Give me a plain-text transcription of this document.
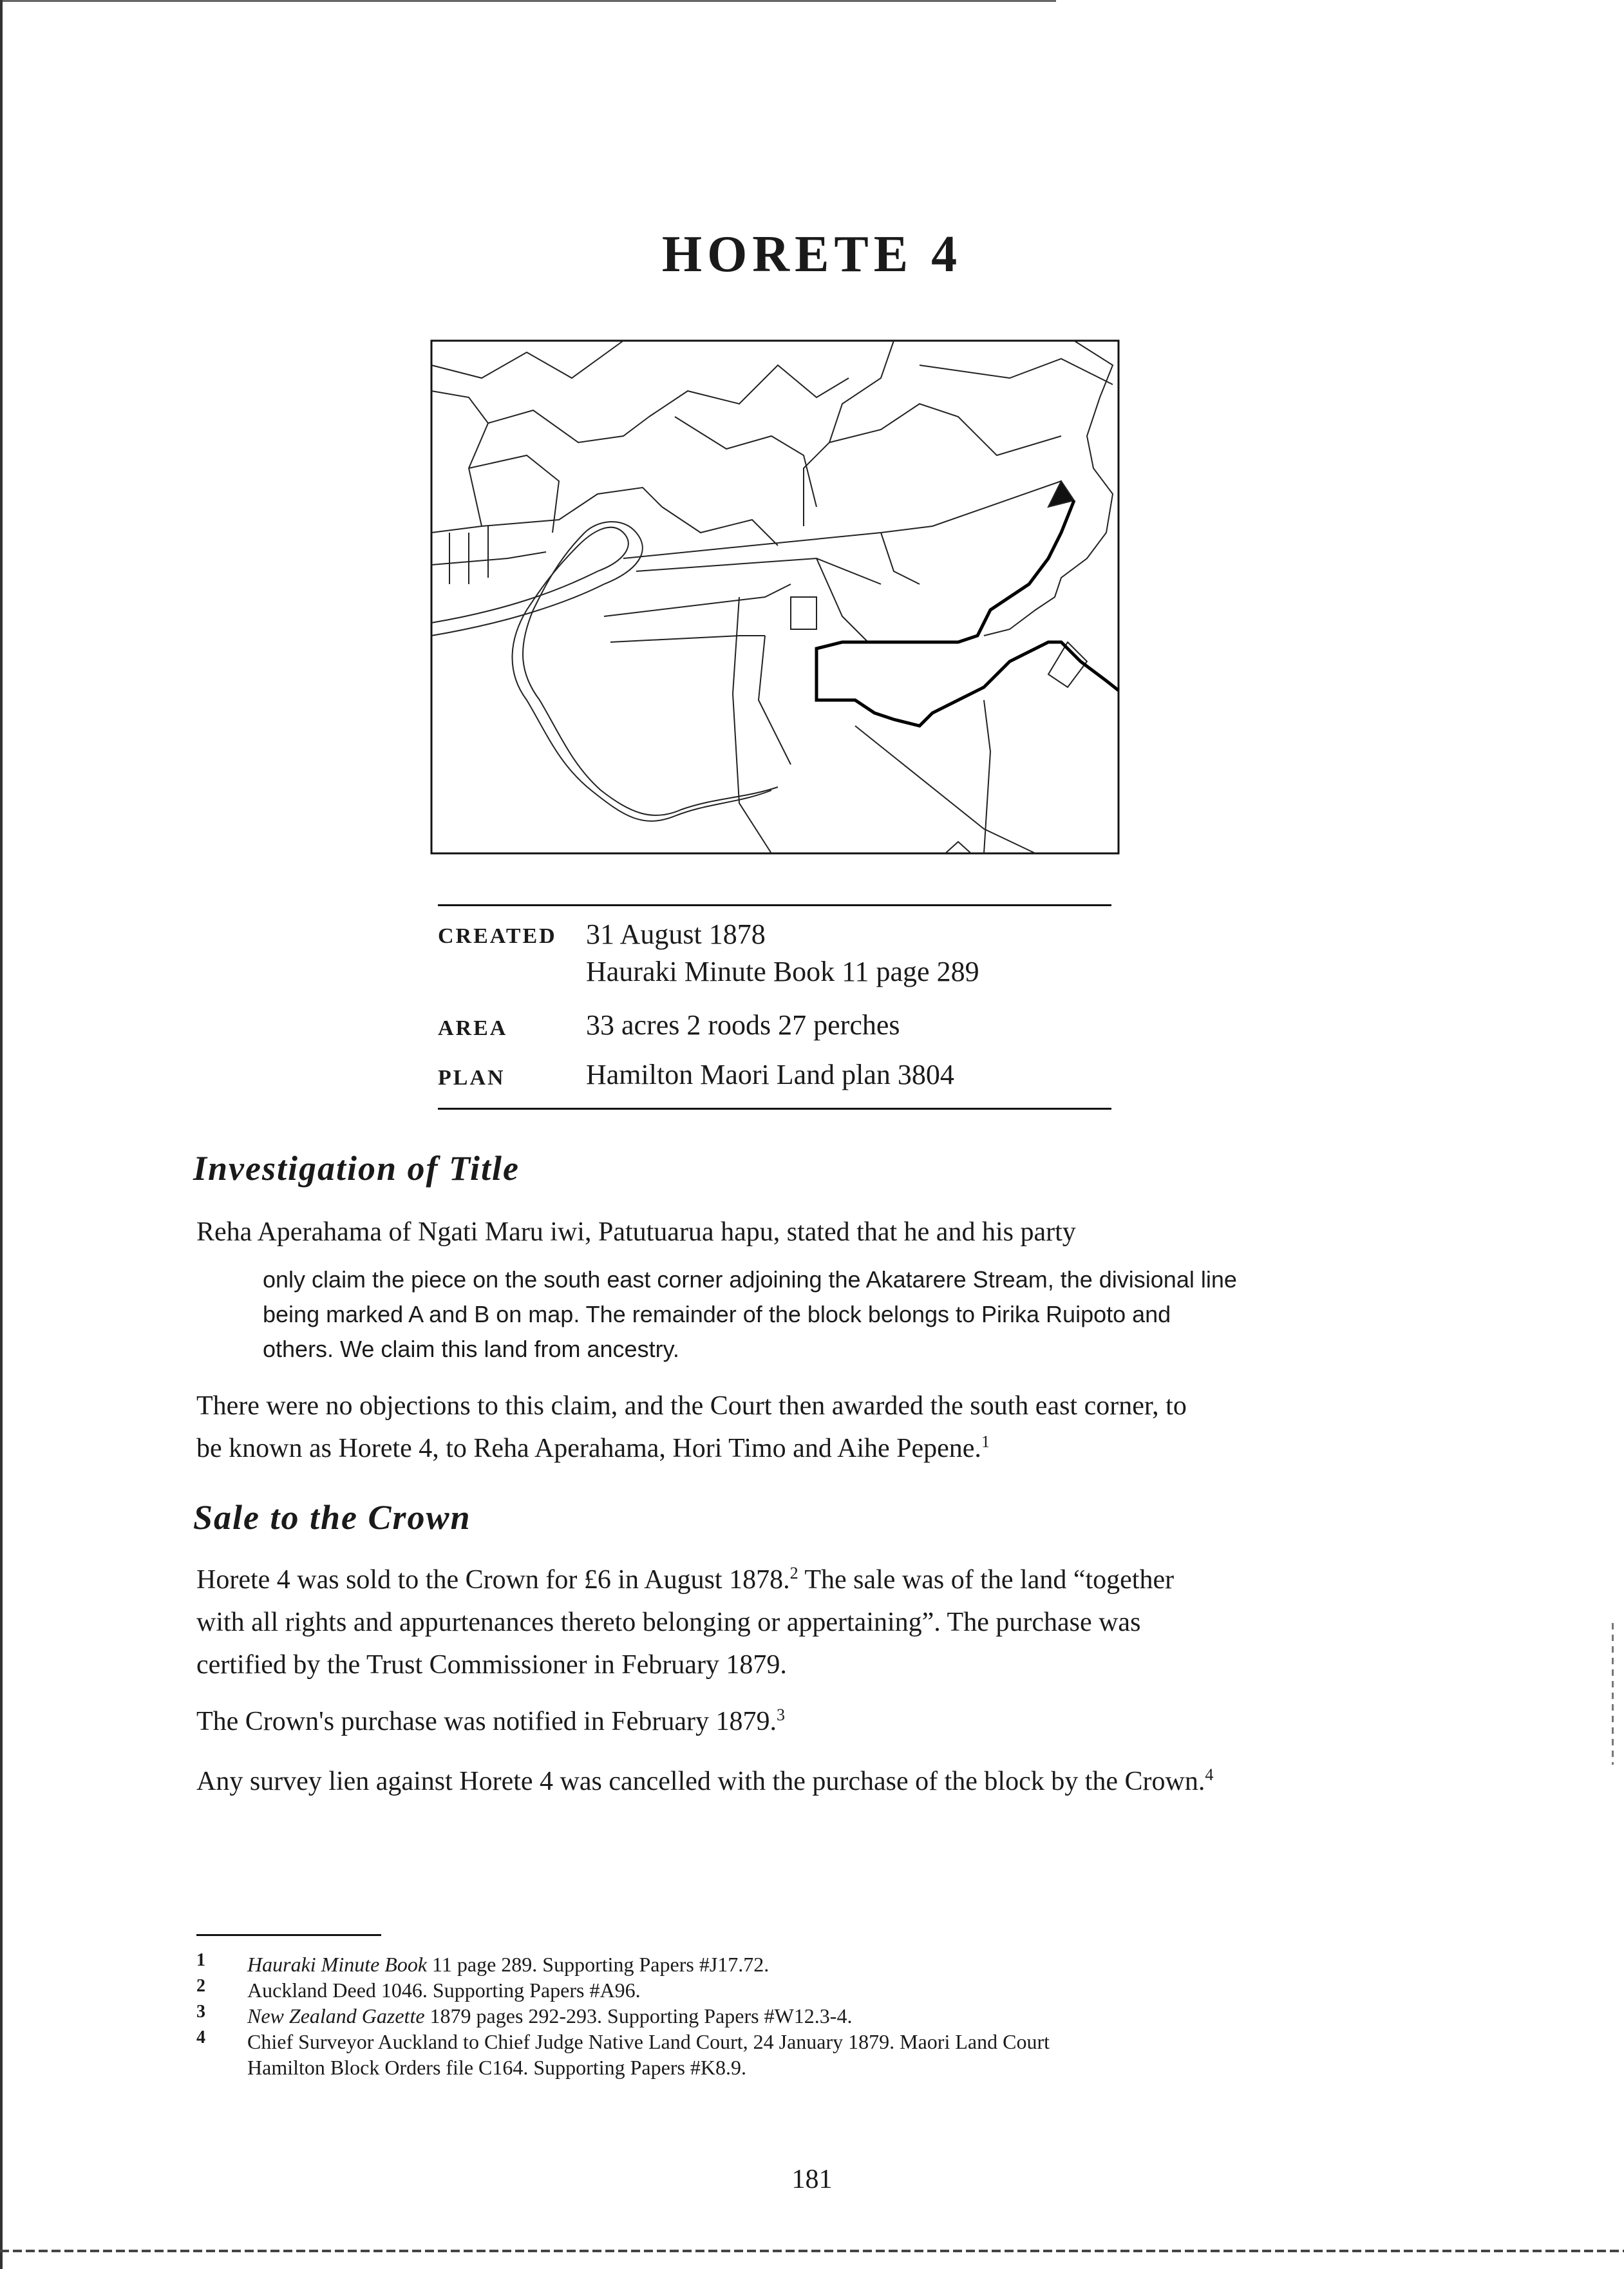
HORETE 4
CREATED 31 August 1878
Hauraki Minute Book 11 page 289
AREA	33 acres 2 roods 27 perches
PLAN	Hamilton Maori Land plan 3804
Investigation of Title
Reha Aperahama of Ngati Maru iwi, Patutuarua hapu, stated that he and his party
only claim the piece on the south east corner adjoining the Akatarere Stream, the divisional line
being marked A and B on map. The remainder of the block belongs to Pirika Ruipoto and
others. We claim this land from ancestry.
There were no objections to this claim, and the Court then awarded the south east corner, to
be known as Horete 4, to Reha Aperahama, Hori Timo and Aihe Pepene.$^1$
Sale to the Crown
Horete 4 was sold to the Crown for £6 in August 1878.$^2$ The sale was of the land “together
with all rights and appurtenances thereto belonging or appertaining”. The purchase was
certified by the Trust Commissioner in February 1879.
The Crown's purchase was notified in February 1879.$^3$
Any survey lien against Horete 4 was cancelled with the purchase of the block by the Crown.$^4$
1 Hauraki Minute Book 11 page 289. Supporting Papers #J17.72.
2 Auckland Deed 1046. Supporting Papers #A96.
3 New Zealand Gazette 1879 pages 292-293. Supporting Papers #W12.3-4.
4 Chief Surveyor Auckland to Chief Judge Native Land Court, 24 January 1879. Maori Land Court
Hamilton Block Orders file C164. Supporting Papers #K8.9.
181
